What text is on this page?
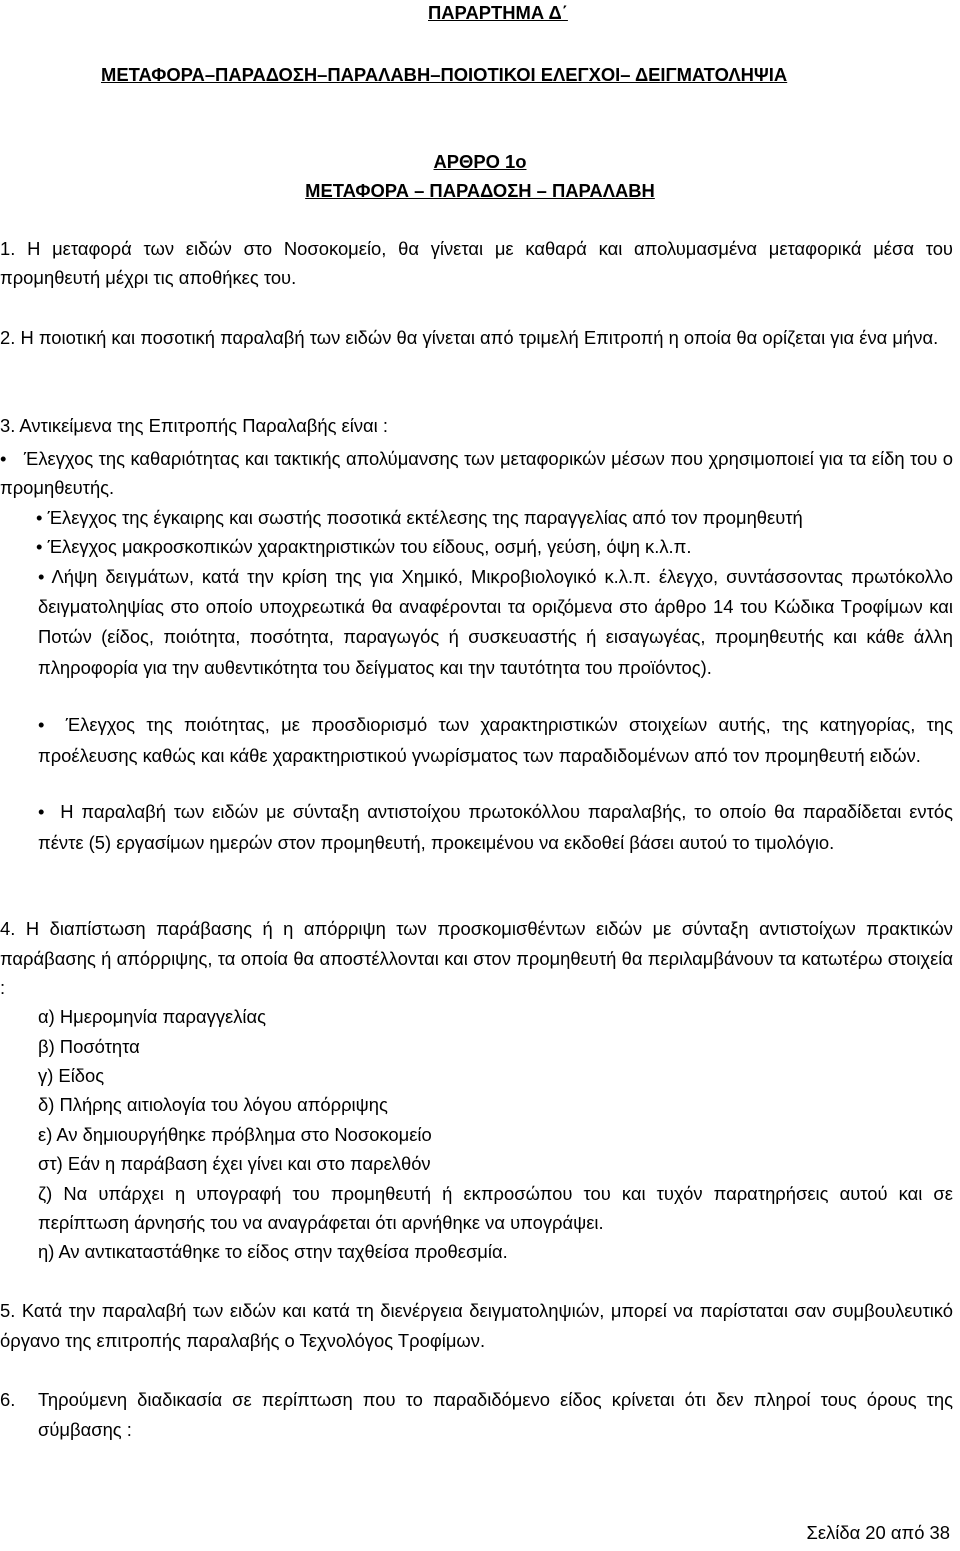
ΠΑΡΑΡΤΗΜΑ Δ΄
ΜΕΤΑΦΟΡΑ–ΠΑΡΑΔΟΣΗ–ΠΑΡΑΛΑΒΗ–ΠΟΙΟΤΙΚΟΙ ΕΛΕΓΧΟΙ– ΔΕΙΓΜΑΤΟΛΗΨΙΑ
ΑΡΘΡΟ 1ο
ΜΕΤΑΦΟΡΑ – ΠΑΡΑΔΟΣΗ – ΠΑΡΑΛΑΒΗ

1. Η μεταφορά των ειδών στο Νοσοκομείο, θα γίνεται με καθαρά και απολυμασμένα μεταφορικά μέσα του προμηθευτή μέχρι τις αποθήκες του.

2. Η ποιοτική και ποσοτική παραλαβή των ειδών θα γίνεται από τριμελή Επιτροπή η οποία θα ορίζεται για ένα μήνα.

3. Αντικείμενα της Επιτροπής Παραλαβής είναι :

• Έλεγχος της καθαριότητας και τακτικής απολύμανσης των μεταφορικών μέσων που χρησιμοποιεί για τα είδη του ο προμηθευτής.

• Έλεγχος της έγκαιρης και σωστής ποσοτικά εκτέλεσης της παραγγελίας από τον προμηθευτή

• Έλεγχος μακροσκοπικών χαρακτηριστικών του είδους, οσμή, γεύση, όψη κ.λ.π.

• Λήψη δειγμάτων, κατά την κρίση της για Χημικό, Μικροβιολογικό κ.λ.π. έλεγχο, συντάσσοντας πρωτόκολλο δειγματοληψίας στο οποίο υποχρεωτικά θα αναφέρονται τα οριζόμενα στο άρθρο 14 του Κώδικα Τροφίμων και Ποτών (είδος, ποιότητα, ποσότητα, παραγωγός ή συσκευαστής ή εισαγωγέας, προμηθευτής και κάθε άλλη πληροφορία για την αυθεντικότητα του δείγματος και την ταυτότητα του προϊόντος).

• Έλεγχος της ποιότητας, με προσδιορισμό των χαρακτηριστικών στοιχείων αυτής, της κατηγορίας, της προέλευσης καθώς και κάθε χαρακτηριστικού γνωρίσματος των παραδιδομένων από τον προμηθευτή ειδών.

• Η παραλαβή των ειδών με σύνταξη αντιστοίχου πρωτοκόλλου παραλαβής, το οποίο θα παραδίδεται εντός πέντε (5) εργασίμων ημερών στον προμηθευτή, προκειμένου να εκδοθεί βάσει αυτού το τιμολόγιο.

4. Η διαπίστωση παράβασης ή η απόρριψη των προσκομισθέντων ειδών με σύνταξη αντιστοίχων πρακτικών παράβασης ή απόρριψης, τα οποία θα αποστέλλονται και στον προμηθευτή θα περιλαμβάνουν τα κατωτέρω στοιχεία :

α) Ημερομηνία παραγγελίας
β) Ποσότητα
γ) Είδος
δ) Πλήρης αιτιολογία του λόγου απόρριψης
ε) Αν δημιουργήθηκε πρόβλημα στο Νοσοκομείο
στ) Εάν η παράβαση έχει γίνει και στο παρελθόν
ζ) Να υπάρχει η υπογραφή του προμηθευτή ή εκπροσώπου του και τυχόν παρατηρήσεις αυτού και σε περίπτωση άρνησής του να αναγράφεται ότι αρνήθηκε να υπογράψει.
η) Αν αντικαταστάθηκε το είδος στην ταχθείσα προθεσμία.

5. Κατά την παραλαβή των ειδών και κατά τη διενέργεια δειγματοληψιών, μπορεί να παρίσταται σαν συμβουλευτικό όργανο της επιτροπής παραλαβής ο Τεχνολόγος Τροφίμων.

6. Τηρούμενη διαδικασία σε περίπτωση που το παραδιδόμενο είδος κρίνεται ότι δεν πληροί τους όρους της σύμβασης :
Σελίδα 20 από 38
